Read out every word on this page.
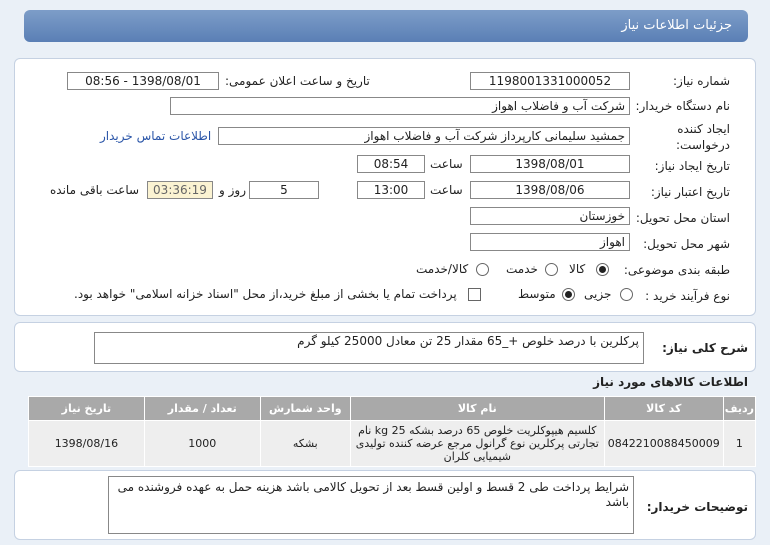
جزئیات اطلاعات نیاز
شماره نیاز:
1198001331000052
تاریخ و ساعت اعلان عمومی:
1398/08/01 - 08:56
نام دستگاه خریدار:
شرکت آب و فاضلاب اهواز
ایجاد کننده
درخواست:
جمشید سلیمانی کارپرداز شرکت آب و فاضلاب اهواز
اطلاعات تماس خریدار
تاریخ ایجاد نیاز:
1398/08/01
ساعت
08:54
تاریخ اعتبار نیاز:
1398/08/06
ساعت
13:00
5
روز و
03:36:19
ساعت باقی مانده
استان محل تحویل:
خوزستان
شهر محل تحویل:
اهواز
طبقه بندی موضوعی:
کالا
خدمت
کالا/خدمت
نوع فرآیند خرید :
جزیی
متوسط
پرداخت تمام یا بخشی از مبلغ خرید،از محل "اسناد خزانه اسلامی" خواهد بود.
شرح کلی نیاز:
پرکلرین با درصد خلوص +_65 مقدار 25 تن معادل 25000 کیلو گرم
اطلاعات کالاهای مورد نیاز
ردیف	کد کالا	نام کالا	واحد شمارش	تعداد / مقدار	تاریخ نیاز
1	0842210088450009	کلسیم هیپوکلریت خلوص 65 درصد بشکه 25 kg نام تجارتی پرکلرین نوع گرانول مرجع عرضه کننده تولیدی شیمیایی کلران	بشکه	1000	1398/08/16
توضیحات خریدار:
شرایط پرداخت طی 2 قسط و اولین قسط بعد از تحویل کالامی باشد هزینه حمل به عهده فروشنده می باشد
